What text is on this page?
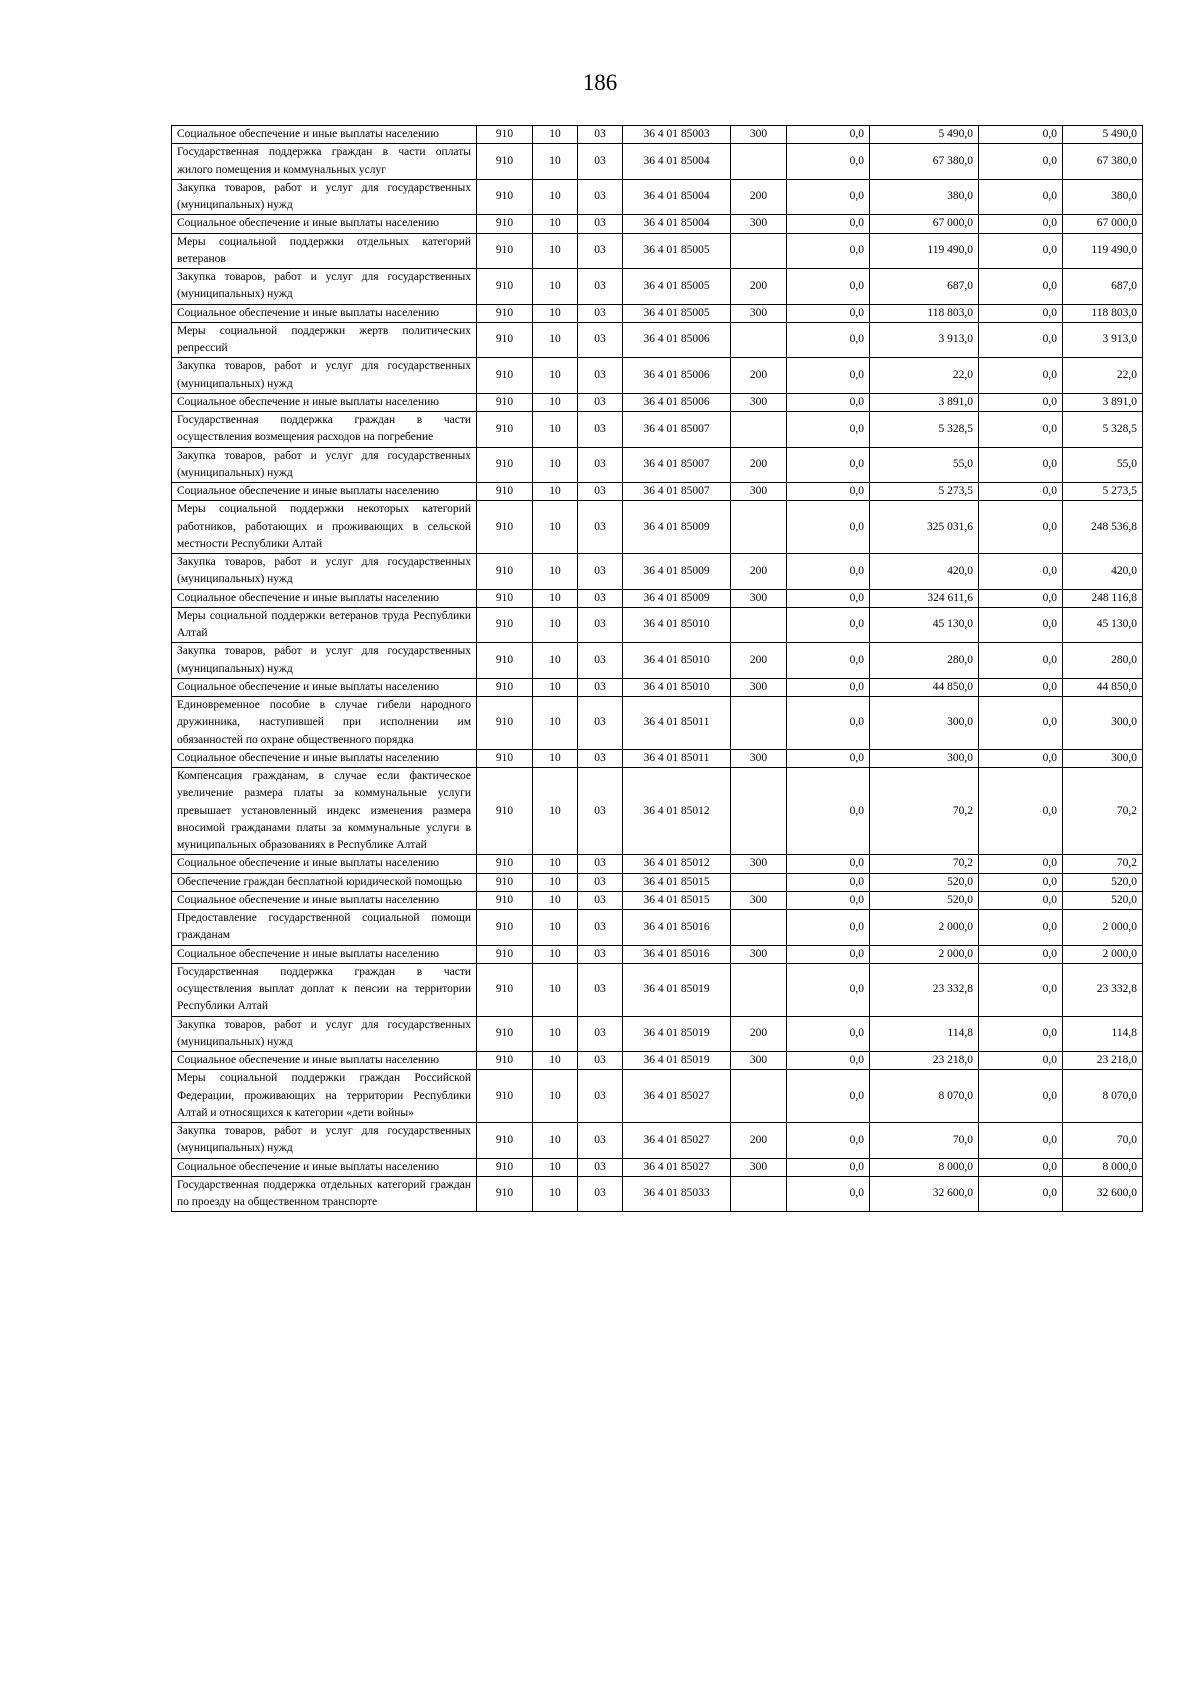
186
Социальное обеспечение и иные выплаты населению	910	10	03	36 4 01 85003	300	0,0	5 490,0	0,0	5 490,0
Государственная поддержка граждан в части оплаты жилого помещения и коммунальных услуг	910	10	03	36 4 01 85004		0,0	67 380,0	0,0	67 380,0
Закупка товаров, работ и услуг для государственных (муниципальных) нужд	910	10	03	36 4 01 85004	200	0,0	380,0	0,0	380,0
Социальное обеспечение и иные выплаты населению	910	10	03	36 4 01 85004	300	0,0	67 000,0	0,0	67 000,0
Меры социальной поддержки отдельных категорий ветеранов	910	10	03	36 4 01 85005		0,0	119 490,0	0,0	119 490,0
Закупка товаров, работ и услуг для государственных (муниципальных) нужд	910	10	03	36 4 01 85005	200	0,0	687,0	0,0	687,0
Социальное обеспечение и иные выплаты населению	910	10	03	36 4 01 85005	300	0,0	118 803,0	0,0	118 803,0
Меры социальной поддержки жертв политических репрессий	910	10	03	36 4 01 85006		0,0	3 913,0	0,0	3 913,0
Закупка товаров, работ и услуг для государственных (муниципальных) нужд	910	10	03	36 4 01 85006	200	0,0	22,0	0,0	22,0
Социальное обеспечение и иные выплаты населению	910	10	03	36 4 01 85006	300	0,0	3 891,0	0,0	3 891,0
Государственная поддержка граждан в части осуществления возмещения расходов на погребение	910	10	03	36 4 01 85007		0,0	5 328,5	0,0	5 328,5
Закупка товаров, работ и услуг для государственных (муниципальных) нужд	910	10	03	36 4 01 85007	200	0,0	55,0	0,0	55,0
Социальное обеспечение и иные выплаты населению	910	10	03	36 4 01 85007	300	0,0	5 273,5	0,0	5 273,5
Меры социальной поддержки некоторых категорий работников, работающих и проживающих в сельской местности Республики Алтай	910	10	03	36 4 01 85009		0,0	325 031,6	0,0	248 536,8
Закупка товаров, работ и услуг для государственных (муниципальных) нужд	910	10	03	36 4 01 85009	200	0,0	420,0	0,0	420,0
Социальное обеспечение и иные выплаты населению	910	10	03	36 4 01 85009	300	0,0	324 611,6	0,0	248 116,8
Меры социальной поддержки ветеранов труда Республики Алтай	910	10	03	36 4 01 85010		0,0	45 130,0	0,0	45 130,0
Закупка товаров, работ и услуг для государственных (муниципальных) нужд	910	10	03	36 4 01 85010	200	0,0	280,0	0,0	280,0
Социальное обеспечение и иные выплаты населению	910	10	03	36 4 01 85010	300	0,0	44 850,0	0,0	44 850,0
Единовременное пособие в случае гибели народного дружинника, наступившей при исполнении им обязанностей по охране общественного порядка	910	10	03	36 4 01 85011		0,0	300,0	0,0	300,0
Социальное обеспечение и иные выплаты населению	910	10	03	36 4 01 85011	300	0,0	300,0	0,0	300,0
Компенсация гражданам, в случае если фактическое увеличение размера платы за коммунальные услуги превышает установленный индекс изменения размера вносимой гражданами платы за коммунальные услуги в муниципальных образованиях в Республике Алтай	910	10	03	36 4 01 85012		0,0	70,2	0,0	70,2
Социальное обеспечение и иные выплаты населению	910	10	03	36 4 01 85012	300	0,0	70,2	0,0	70,2
Обеспечение граждан бесплатной юридической помощью	910	10	03	36 4 01 85015		0,0	520,0	0,0	520,0
Социальное обеспечение и иные выплаты населению	910	10	03	36 4 01 85015	300	0,0	520,0	0,0	520,0
Предоставление государственной социальной помощи гражданам	910	10	03	36 4 01 85016		0,0	2 000,0	0,0	2 000,0
Социальное обеспечение и иные выплаты населению	910	10	03	36 4 01 85016	300	0,0	2 000,0	0,0	2 000,0
Государственная поддержка граждан в части осуществления выплат доплат к пенсии на территории Республики Алтай	910	10	03	36 4 01 85019		0,0	23 332,8	0,0	23 332,8
Закупка товаров, работ и услуг для государственных (муниципальных) нужд	910	10	03	36 4 01 85019	200	0,0	114,8	0,0	114,8
Социальное обеспечение и иные выплаты населению	910	10	03	36 4 01 85019	300	0,0	23 218,0	0,0	23 218,0
Меры социальной поддержки граждан Российской Федерации, проживающих на территории Республики Алтай и относящихся к категории «дети войны»	910	10	03	36 4 01 85027		0,0	8 070,0	0,0	8 070,0
Закупка товаров, работ и услуг для государственных (муниципальных) нужд	910	10	03	36 4 01 85027	200	0,0	70,0	0,0	70,0
Социальное обеспечение и иные выплаты населению	910	10	03	36 4 01 85027	300	0,0	8 000,0	0,0	8 000,0
Государственная поддержка отдельных категорий граждан по проезду на общественном транспорте	910	10	03	36 4 01 85033		0,0	32 600,0	0,0	32 600,0
